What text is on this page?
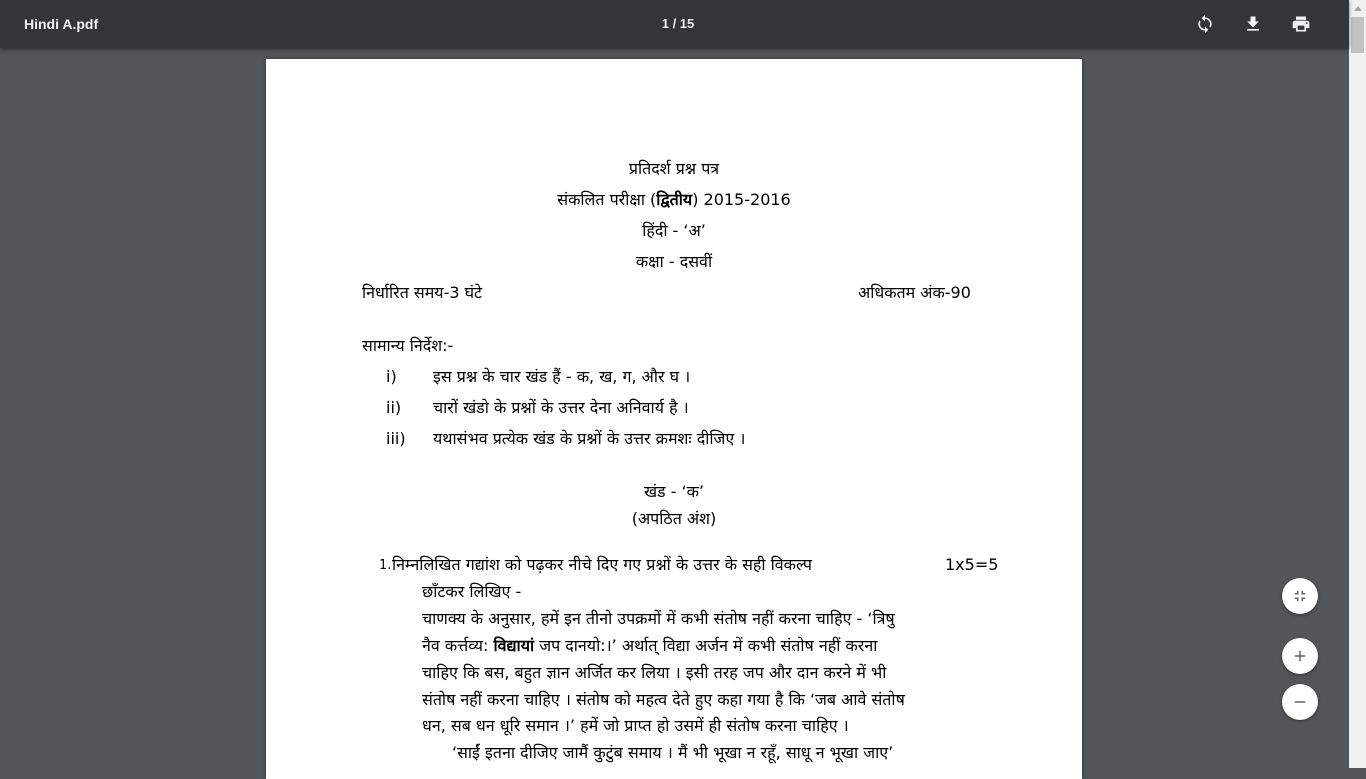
Hindi A.pdf	1 / 15
प्रतिदर्श प्रश्न पत्र
संकलित परीक्षा (द्वितीय) 2015-2016
हिंदी - ‘अ’
कक्षा - दसवीं
निर्धारित समय-3 घंटे	अधिकतम अंक-90
सामान्य निर्देश:-
i) इस प्रश्न के चार खंड हैं - क, ख, ग, और घ ।
ii) चारों खंडो के प्रश्नों के उत्तर देना अनिवार्य है ।
iii) यथासंभव प्रत्येक खंड के प्रश्नों के उत्तर क्रमशः दीजिए ।
खंड - ‘क’
(अपठित अंश)
1. निम्नलिखित गद्यांश को पढ़कर नीचे दिए गए प्रश्नों के उत्तर के सही विकल्प	1x5=5
छाँटकर लिखिए -
चाणक्य के अनुसार, हमें इन तीनो उपक्रमों में कभी संतोष नहीं करना चाहिए - ‘त्रिषु
नैव कर्त्तव्य: विद्यायां जप दानयो:।’ अर्थात् विद्या अर्जन में कभी संतोष नहीं करना
चाहिए कि बस, बहुत ज्ञान अर्जित कर लिया । इसी तरह जप और दान करने में भी
संतोष नहीं करना चाहिए । संतोष को महत्व देते हुए कहा गया है कि ‘जब आवे संतोष
धन, सब धन धूरि समान ।’ हमें जो प्राप्त हो उसमें ही संतोष करना चाहिए ।
‘साईं इतना दीजिए जामैं कुटुंब समाय । मैं भी भूखा न रहूँ, साधू न भूखा जाए’
